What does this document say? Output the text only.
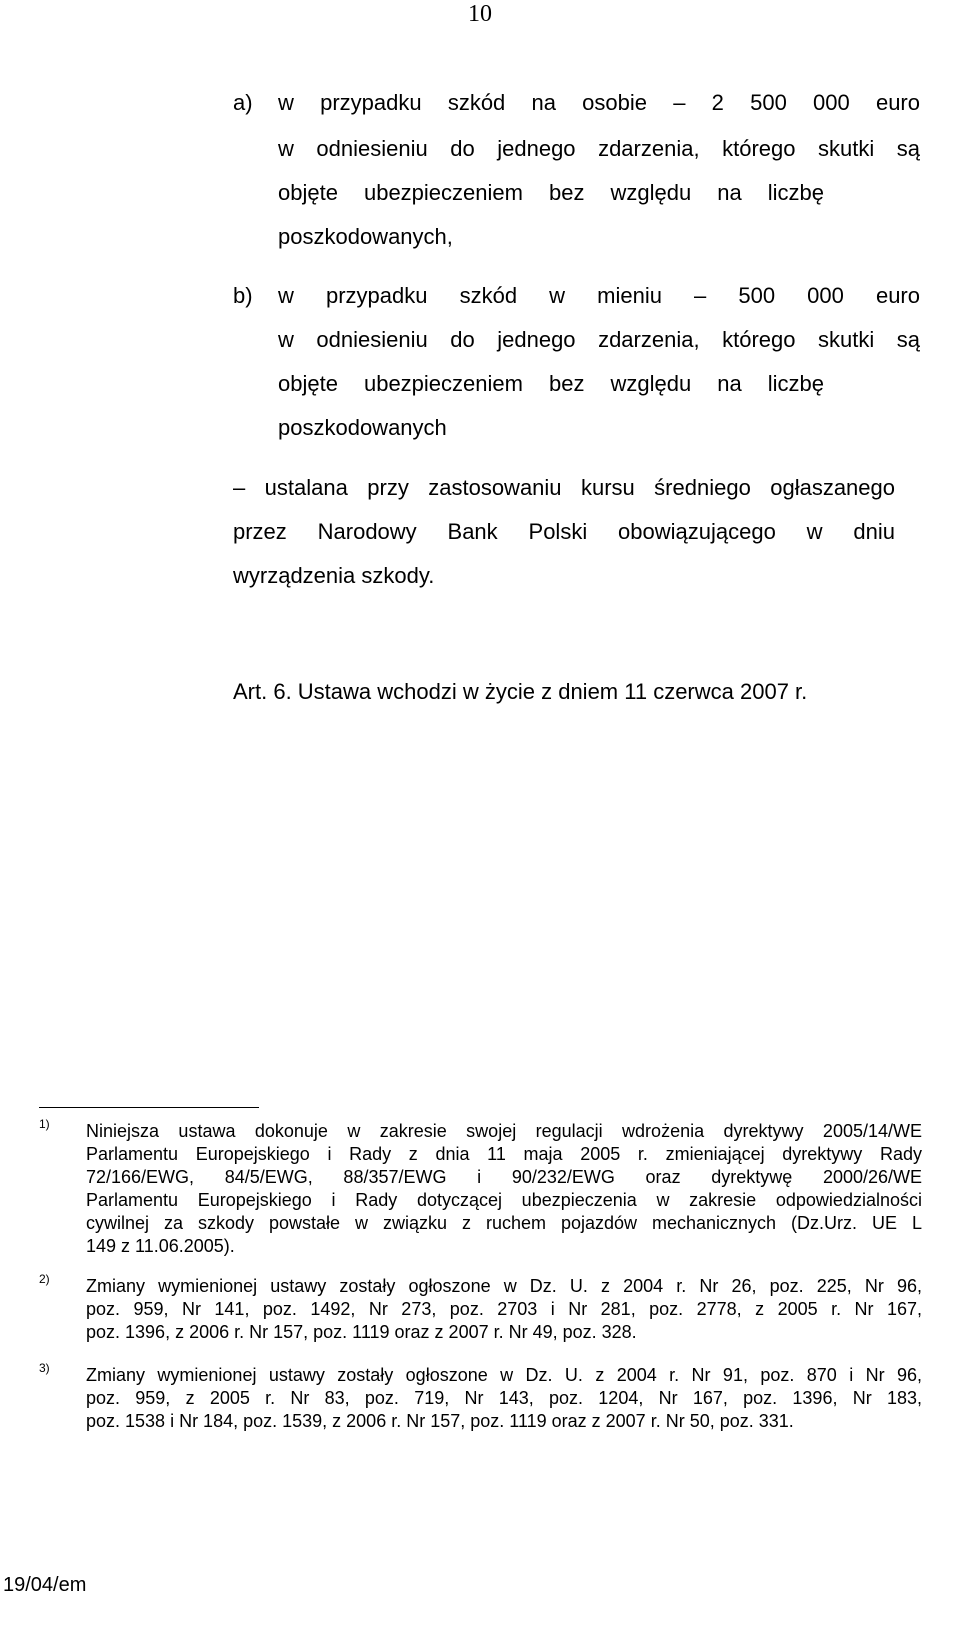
10
a) w przypadku szkód na osobie – 2 500 000 euro
w odniesieniu do jednego zdarzenia, którego skutki są
objęte ubezpieczeniem bez względu na liczbę
poszkodowanych,
b) w przypadku szkód w mieniu – 500 000 euro
w odniesieniu do jednego zdarzenia, którego skutki są
objęte ubezpieczeniem bez względu na liczbę
poszkodowanych
– ustalana przy zastosowaniu kursu średniego ogłaszanego
przez Narodowy Bank Polski obowiązującego w dniu
wyrządzenia szkody.
Art. 6. Ustawa wchodzi w życie z dniem 11 czerwca 2007 r.
1) Niniejsza ustawa dokonuje w zakresie swojej regulacji wdrożenia dyrektywy 2005/14/WE
Parlamentu Europejskiego i Rady z dnia 11 maja 2005 r. zmieniającej dyrektywy Rady
72/166/EWG, 84/5/EWG, 88/357/EWG i 90/232/EWG oraz dyrektywę 2000/26/WE
Parlamentu Europejskiego i Rady dotyczącej ubezpieczenia w zakresie odpowiedzialności
cywilnej za szkody powstałe w związku z ruchem pojazdów mechanicznych (Dz.Urz. UE L
149 z 11.06.2005).
2) Zmiany wymienionej ustawy zostały ogłoszone w Dz. U. z 2004 r. Nr 26, poz. 225, Nr 96,
poz. 959, Nr 141, poz. 1492, Nr 273, poz. 2703 i Nr 281, poz. 2778, z 2005 r. Nr 167,
poz. 1396, z 2006 r. Nr 157, poz. 1119 oraz z 2007 r. Nr 49, poz. 328.
3) Zmiany wymienionej ustawy zostały ogłoszone w Dz. U. z 2004 r. Nr 91, poz. 870 i Nr 96,
poz. 959, z 2005 r. Nr 83, poz. 719, Nr 143, poz. 1204, Nr 167, poz. 1396, Nr 183,
poz. 1538 i Nr 184, poz. 1539, z 2006 r. Nr 157, poz. 1119 oraz z 2007 r. Nr 50, poz. 331.
19/04/em
